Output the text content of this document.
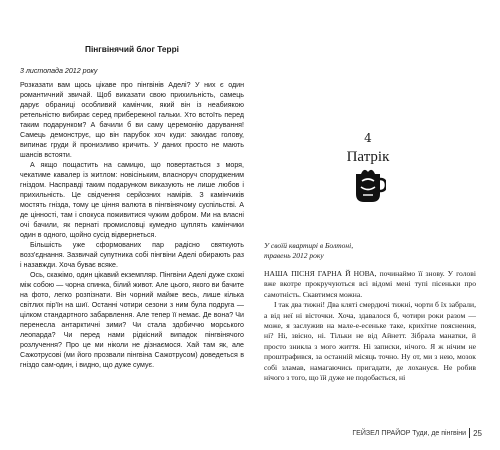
Пінгвінячий блог Террі
3 листопада 2012 року

Розказати вам щось цікаве про пінгвінів Аделі? У них є один романтичний звичай. Щоб виказати свою прихильність, самець дарує обраниці особливий камінчик, який він із неабиякою ретельністю вибирає серед прибережної гальки. Хто встоїть перед таким подарунком? А бачили б ви саму церемонію дарування! Самець демонструє, що він парубок хоч куди: закидає голову, випинає груди й пронизливо кричить. У даних просто не мають шансів встояти.

А якщо пощастить на самицю, що повертається з моря, чекатиме кавалер із житлом: новісіньким, власноруч спорудженим гніздом. Насправді таким подарунком виказують не лише любов і прихильність. Це свідчення серйозних намірів. З камінчиків мостять гнізда, тому це ціння валюта в пінгвінячому суспільстві. А де цінності, там і спокуса поживитися чужим добром. Ми на власні очі бачили, як пернаті промисловці кумедно цуплять камінчики один в одного, щойно сусід відвернеться.

Більшість уже сформованих пар радісно святкують возз'єднання. Зазвичай супутника собі пінгвіни Аделі обирають раз і назавжди. Хоча буває всяке.

Ось, скажімо, один цікавий екземпляр. Пінгвіни Аделі дуже схожі між собою — чорна спинка, білий живот. Але цього, якого ви бачите на фото, легко розпізнати. Він чорний майже весь, лише кілька світлих пір'їн на шиї. Останні чотири сезони з ним була подруга — цілком стандартного забарвлення. Але тепер її немає. Де вона? Чи перенесла антарктичні зими? Чи стала здобиччю морського леопарда? Чи перед нами рідкісний випадок пінгвінячого розлучення? Про це ми ніколи не дізнаємося. Хай там як, але Сажотрусові (ми його прозвали пінгвіна Сажотрусом) доведеться в гніздо сам-один, і видно, що дуже сумує.

4
Патрік
У своїй квартирі в Болтоні,
травень 2012 року

НАША ПІСНЯ ГАРНА Й НОВА, починаймо її знову. У голові вже вкотре прокручуються всі відомі мені тупі пісеньки про самотність. Скавтимся можна.

І так два тижні! Два кляті смердючі тижні, чорти б їх забрали, а від неї ні вісточки. Хоча, здавалося б, чотири роки разом — може, я заслужив на мале-е-есеньке таке, крихітне пояснення, ні? Ні, звісно, ні. Тільки не від Айнетт. Зібрала манатки, й просто зникла з мого життя. Ні записки, нічого. Я ж нічим не проштрафився, за останній місяць точно. Ну от, ми з нею, мозок собі зламав, намагаючись пригадати, де лохануся. Не робив нічого з того, що їй дуже не подобається, ні

ГЕЙЗЕЛ ПРАЙОР Туди, де пінгвіни 25
